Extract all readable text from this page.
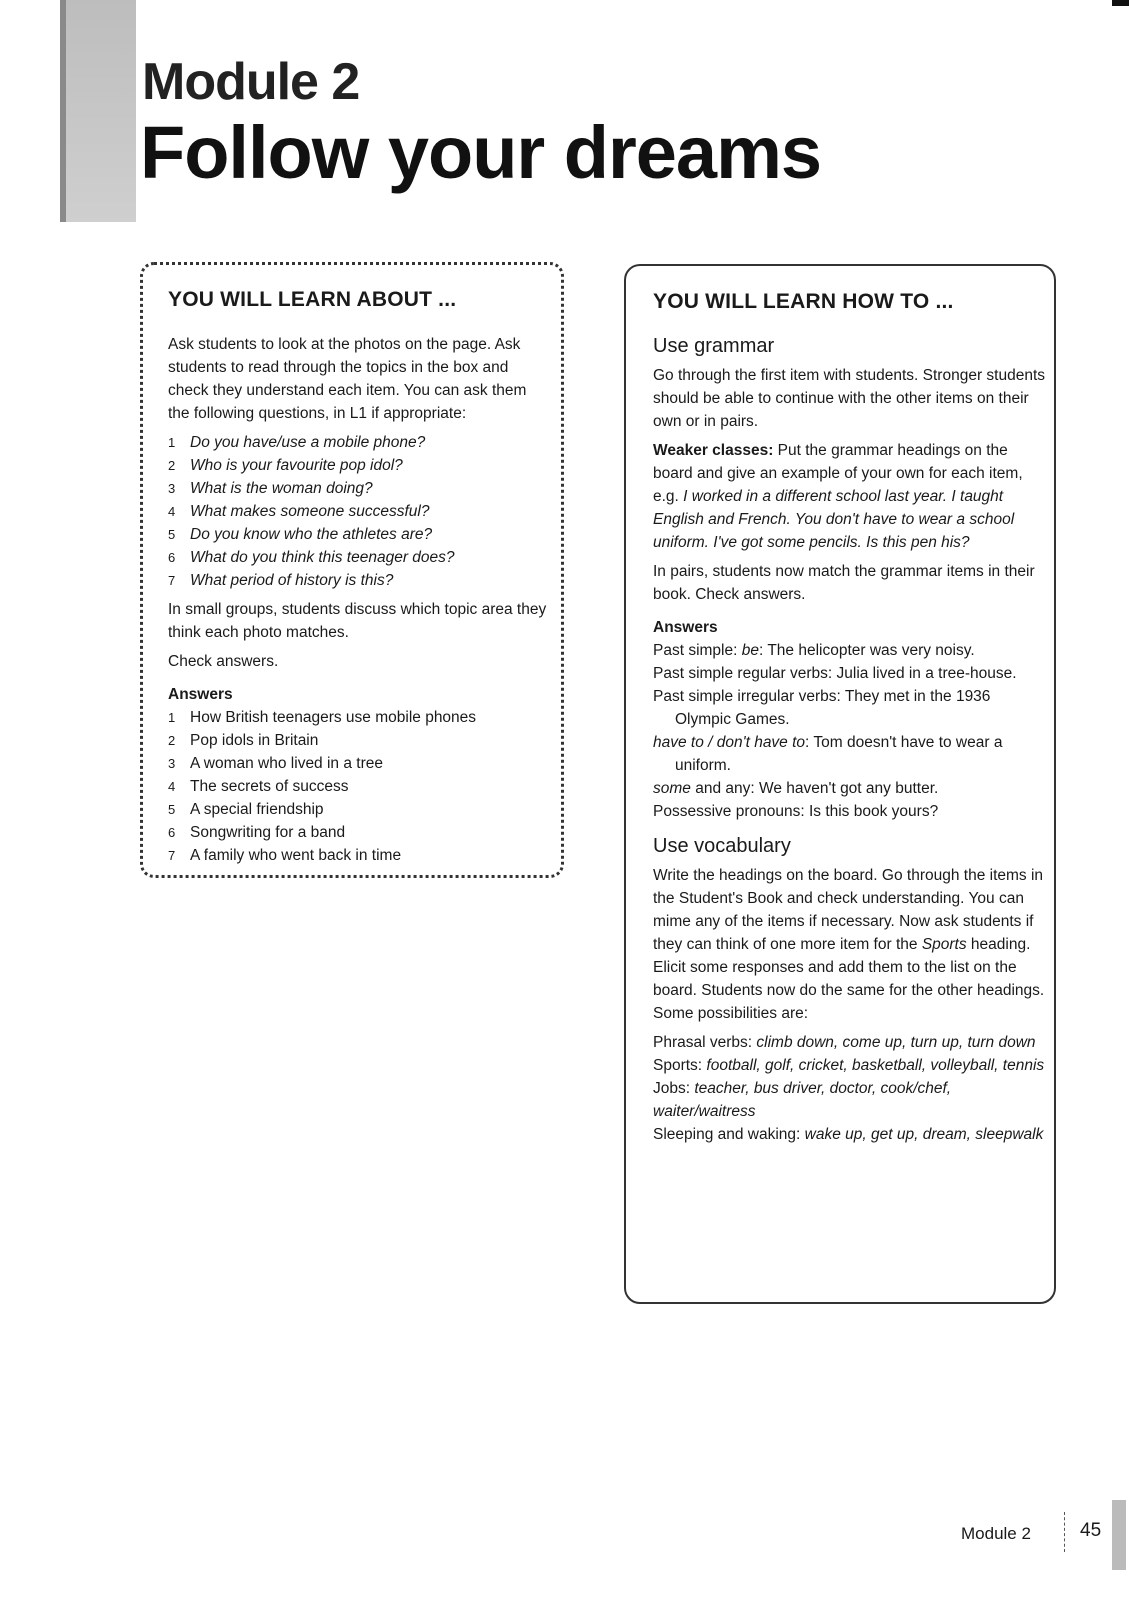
Module 2
Follow your dreams
YOU WILL LEARN ABOUT ...

Ask students to look at the photos on the page. Ask students to read through the topics in the box and check they understand each item. You can ask them the following questions, in L1 if appropriate:

1 Do you have/use a mobile phone?
2 Who is your favourite pop idol?
3 What is the woman doing?
4 What makes someone successful?
5 Do you know who the athletes are?
6 What do you think this teenager does?
7 What period of history is this?

In small groups, students discuss which topic area they think each photo matches.

Check answers.

Answers

1 How British teenagers use mobile phones
2 Pop idols in Britain
3 A woman who lived in a tree
4 The secrets of success
5 A special friendship
6 Songwriting for a band
7 A family who went back in time
YOU WILL LEARN HOW TO ...
Use grammar

Go through the first item with students. Stronger students should be able to continue with the other items on their own or in pairs.

Weaker classes: Put the grammar headings on the board and give an example of your own for each item, e.g. I worked in a different school last year. I taught English and French. You don't have to wear a school uniform. I've got some pencils. Is this pen his?

In pairs, students now match the grammar items in their book. Check answers.

Answers

Past simple: be: The helicopter was very noisy.

Past simple regular verbs: Julia lived in a tree-house.

Past simple irregular verbs: They met in the 1936 Olympic Games.

have to / don't have to: Tom doesn't have to wear a uniform.

some and any: We haven't got any butter.

Possessive pronouns: Is this book yours?

Use vocabulary

Write the headings on the board. Go through the items in the Student's Book and check understanding. You can mime any of the items if necessary. Now ask students if they can think of one more item for the Sports heading. Elicit some responses and add them to the list on the board. Students now do the same for the other headings. Some possibilities are:

Phrasal verbs: climb down, come up, turn up, turn down

Sports: football, golf, cricket, basketball, volleyball, tennis

Jobs: teacher, bus driver, doctor, cook/chef, waiter/waitress

Sleeping and waking: wake up, get up, dream, sleepwalk

Module 2	45
